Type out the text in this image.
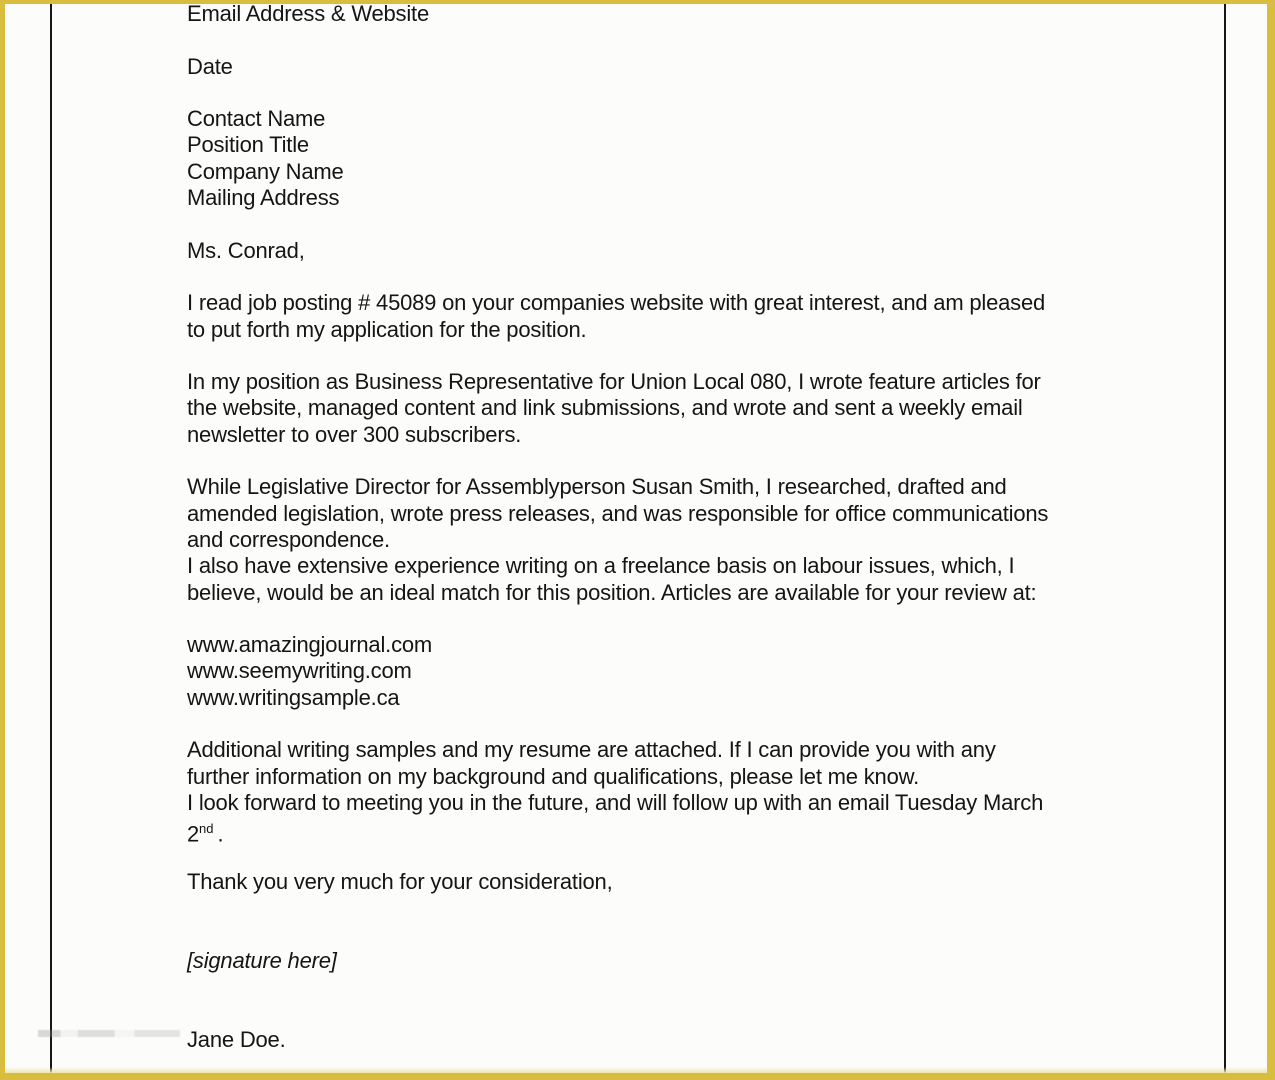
Email Address & Website
Date
Contact Name
Position Title
Company Name
Mailing Address
Ms. Conrad,
I read job posting # 45089 on your companies website with great interest, and am pleased
to put forth my application for the position.
In my position as Business Representative for Union Local 080, I wrote feature articles for
the website, managed content and link submissions, and wrote and sent a weekly email
newsletter to over 300 subscribers.
While Legislative Director for Assemblyperson Susan Smith, I researched, drafted and
amended legislation, wrote press releases, and was responsible for office communications
and correspondence.
I also have extensive experience writing on a freelance basis on labour issues, which, I
believe, would be an ideal match for this position. Articles are available for your review at:
www.amazingjournal.com
www.seemywriting.com
www.writingsample.ca
Additional writing samples and my resume are attached. If I can provide you with any
further information on my background and qualifications, please let me know.
I look forward to meeting you in the future, and will follow up with an email Tuesday March
2nd .
Thank you very much for your consideration,
[signature here]
Jane Doe.
